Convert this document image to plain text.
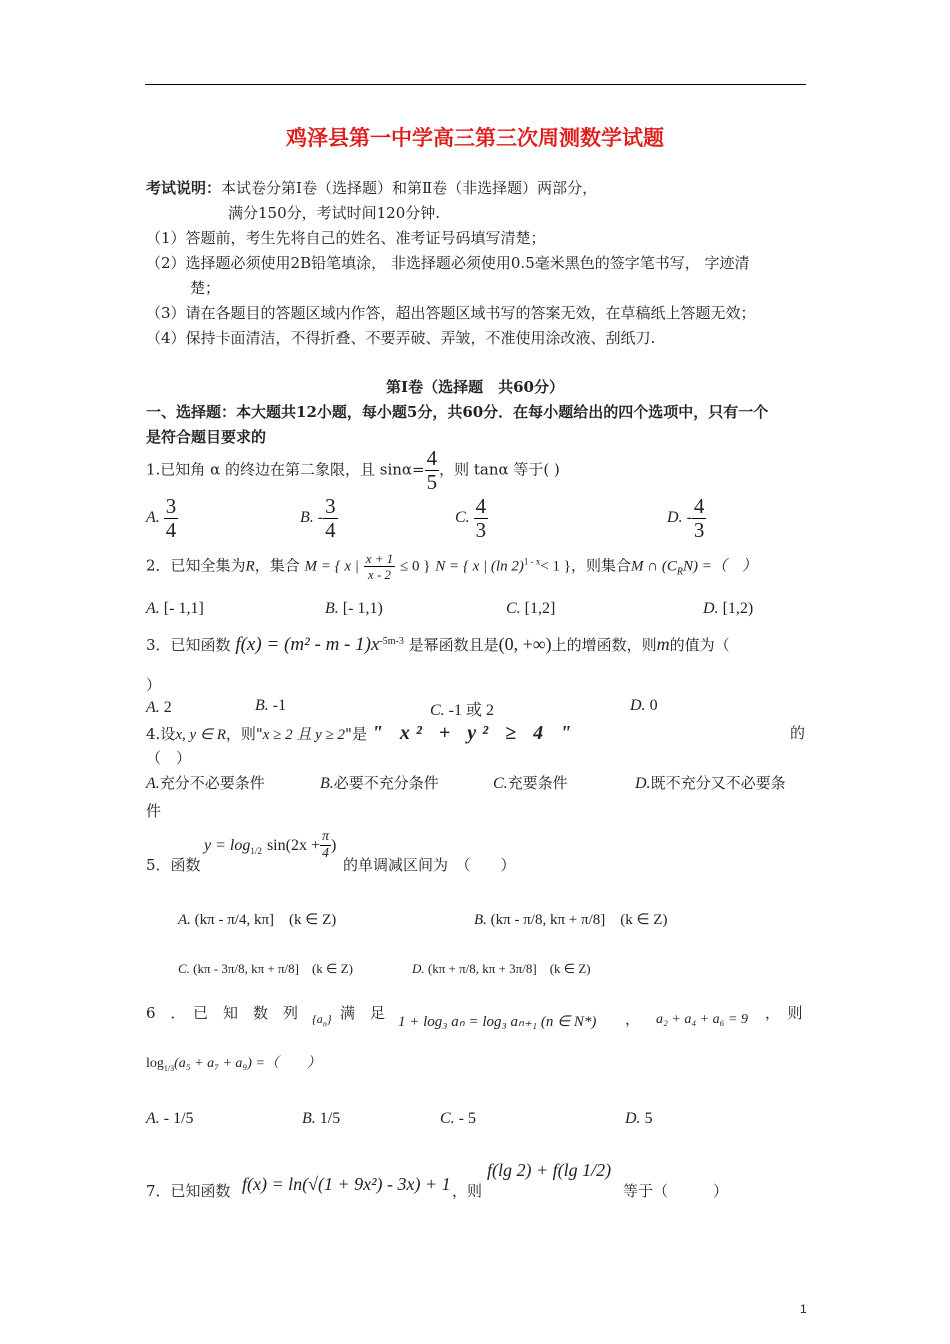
鸡泽县第一中学高三第三次周测数学试题
考试说明：本试卷分第Ⅰ卷（选择题）和第Ⅱ卷（非选择题）两部分，
满分150分，考试时间120分钟.
（1）答题前，考生先将自己的姓名、准考证号码填写清楚；
（2）选择题必须使用2B铅笔填涂， 非选择题必须使用0.5毫米黑色的签字笔书写， 字迹清
楚；
（3）请在各题目的答题区域内作答，超出答题区域书写的答案无效，在草稿纸上答题无效；
（4）保持卡面清洁，不得折叠、不要弄破、弄皱，不准使用涂改液、刮纸刀.
第Ⅰ卷（选择题　共60分）
一、选择题：本大题共12小题，每小题5分，共60分．在每小题给出的四个选项中，只有一个
是符合题目要求的
1.已知角 α 的终边在第二象限，且 $\sin\alpha= \frac{4}{5}$ ，则 tanα 等于( )
A. $\frac{3}{4}$	B. - $\frac{3}{4}$	C. $\frac{4}{3}$	D. - $\frac{4}{3}$
2．已知全集为R，集合 M = { x | $\frac{x + 1}{x - 2} \le 0$ } N = { x | (ln 2)$^{1 - x}$< 1 }，则集合M ∩ $(C_RN)$ =（　）
A. [- 1,1]	B. [- 1,1)	C. [1,2]	D. [1,2)
3．已知函数 $f(x) = (m^2 - m - 1)x^{-5m-3}$ 是幂函数且是(0, +∞)上的增函数，则m的值为（
）
A. 2	B. -1	C. -1 或 2	D. 0
4.设x, y ∈ R，则"x ≥ 2 且 y ≥ 2"是 " x² + y² ≥ 4 "	的
（　）
A.充分不必要条件	B.必要不充分条件	C.充要条件	D.既不充分又不必要条
件
$y = \log_{1/2} \sin(2x + \frac{\pi}{4}$ )
5．函数	的单调减区间为　（　　）
A. (kπ - π/4, kπ]　(k ∈ Z)	B. (kπ - π/8, kπ + π/8]　(k ∈ Z)
C. (kπ - 3π/8, kπ + π/8]　(k ∈ Z)	D. (kπ + π/8, kπ + 3π/8]　(k ∈ Z)
6　．　已　知　数　列 $\{a_n\}$ 满　足 1 + log₃ aₙ = log₃ aₙ₊₁ (n ∈ N*) ， a₂ + a₄ + a₆ = 9 ，　则
$\log_{1/3}(a_5 + a_7 + a_9)$ =（　　）
A. - 1/5	B. 1/5	C. - 5	D. 5
7．已知函数 f(x) = ln(√(1 + 9x²) - 3x) + 1 ，则
f(lg 2) + f(lg 1/2)
等于（　　　）
1
